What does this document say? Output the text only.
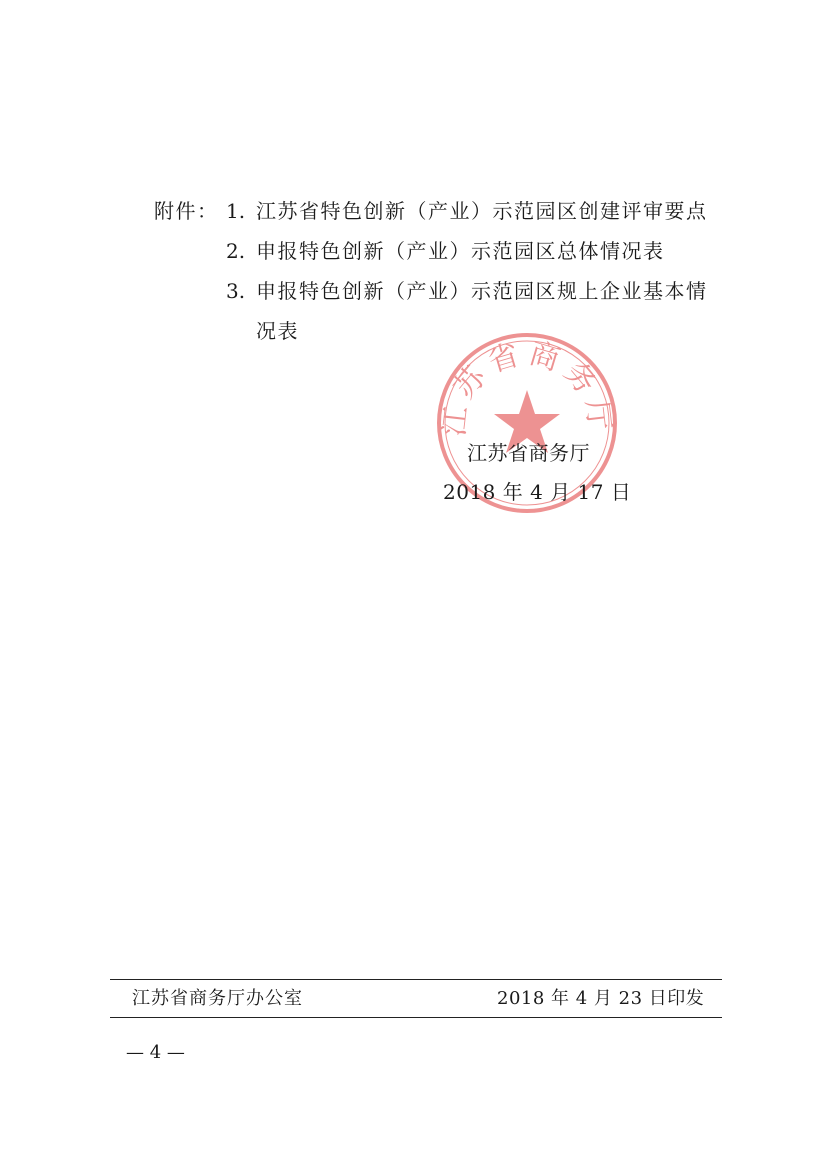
附件： 1. 江苏省特色创新（产业）示范园区创建评审要点
2. 申报特色创新（产业）示范园区总体情况表
3. 申报特色创新（产业）示范园区规上企业基本情
况表
江苏省商务厅
江苏省商务厅
2018 年 4 月 17 日
江苏省商务厅办公室	2018 年 4 月 23 日印发
— 4 —
